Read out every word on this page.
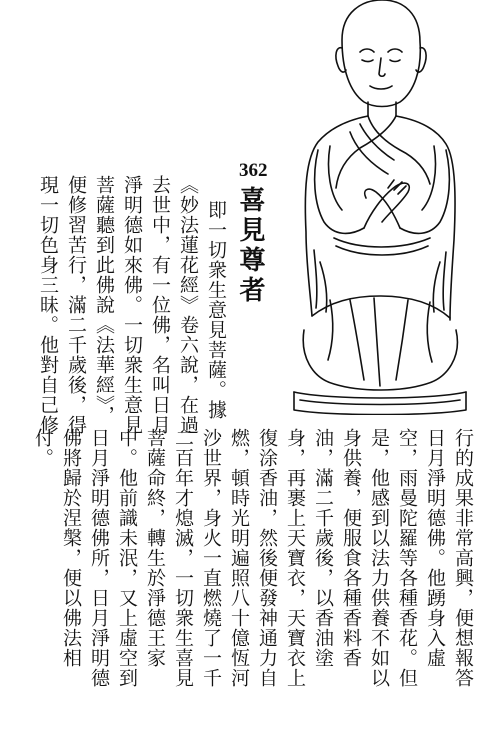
362
喜見尊者
即一切衆生意見菩薩。據
《妙法蓮花經》卷六說，在過
去世中，有一位佛，名叫日月
淨明德如來佛。一切衆生意見
菩薩聽到此佛說《法華經》，
便修習苦行，滿二千歲後，得
現一切色身三昧。他對自己修
行的成果非常高興，便想報答
日月淨明德佛。他踴身入虛
空，雨曼陀羅等各種香花。但
是，他感到以法力供養不如以
身供養，便服食各種香料香
油，滿二千歲後，以香油塗
身，再裹上天寶衣，天寶衣上
復涂香油，然後便發神通力自
燃，頓時光明遍照八十億恆河
沙世界，身火一直燃燒了一千
二百年才熄滅，一切衆生喜見
菩薩命終，轉生於淨德王家
中。他前識未泯，又上虛空到
日月淨明德佛所，日月淨明德
佛將歸於涅槃，便以佛法相
付。
